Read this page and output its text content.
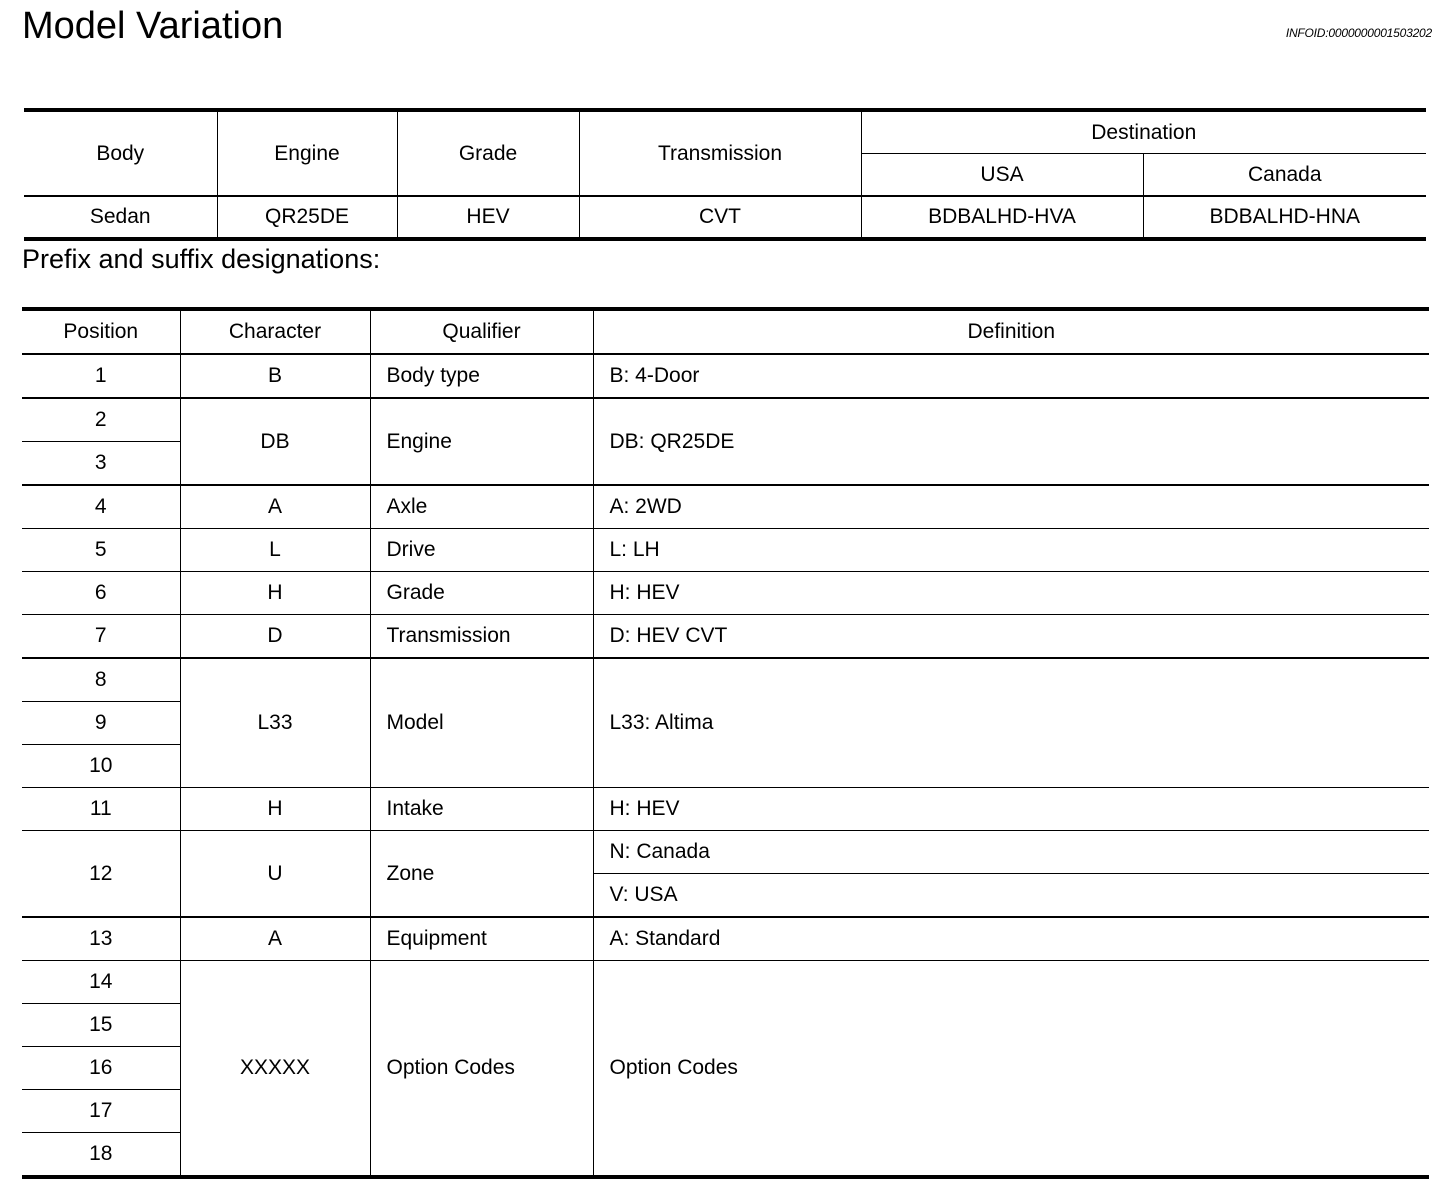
Model Variation	INFOID:0000000001503202
Body	Engine	Grade	Transmission	Destination	
				USA	Canada
Sedan	QR25DE	HEV	CVT	BDBALHD-HVA	BDBALHD-HNA
Prefix and suffix designations:
Position	Character	Qualifier	Definition
1	B	Body type	B: 4-Door
2	DB	Engine	DB: QR25DE
3			
4	A	Axle	A: 2WD
5	L	Drive	L: LH
6	H	Grade	H: HEV
7	D	Transmission	D: HEV CVT
8	L33	Model	L33: Altima
9			
10			
11	H	Intake	H: HEV
12	U	Zone	N: Canada
			V: USA
13	A	Equipment	A: Standard
14	XXXXX	Option Codes	Option Codes
15			
16			
17			
18			
